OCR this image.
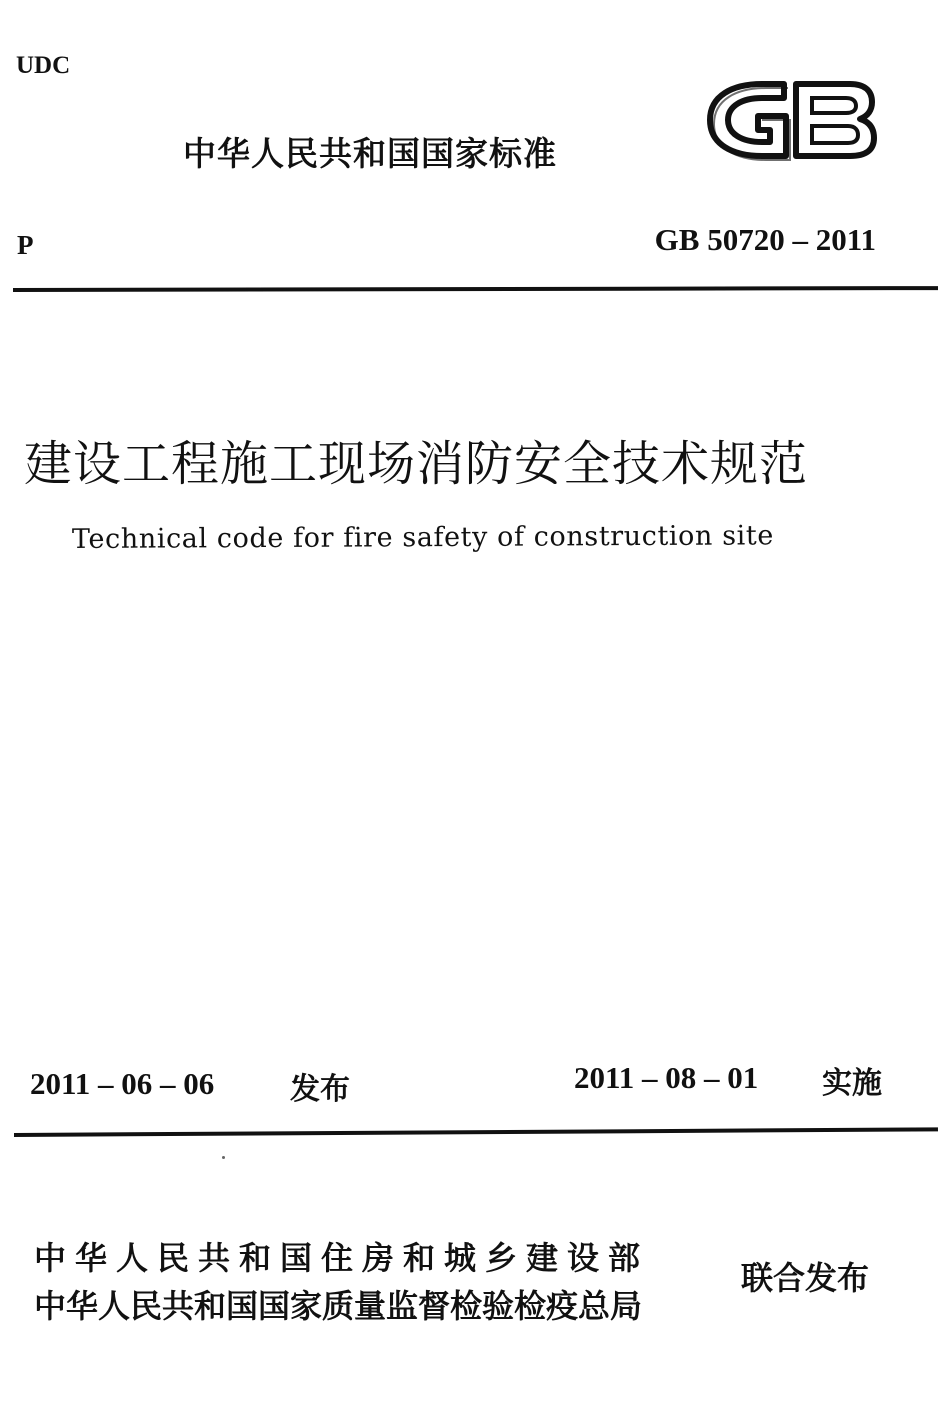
UDC
中华人民共和国国家标准
GB
P	GB 50720 – 2011
建设工程施工现场消防安全技术规范
Technical code for fire safety of construction site
2011 – 06 – 06	发布	2011 – 08 – 01 实施
中华人民共和国住房和城乡建设部
中华人民共和国国家质量监督检验检疫总局
联合发布
